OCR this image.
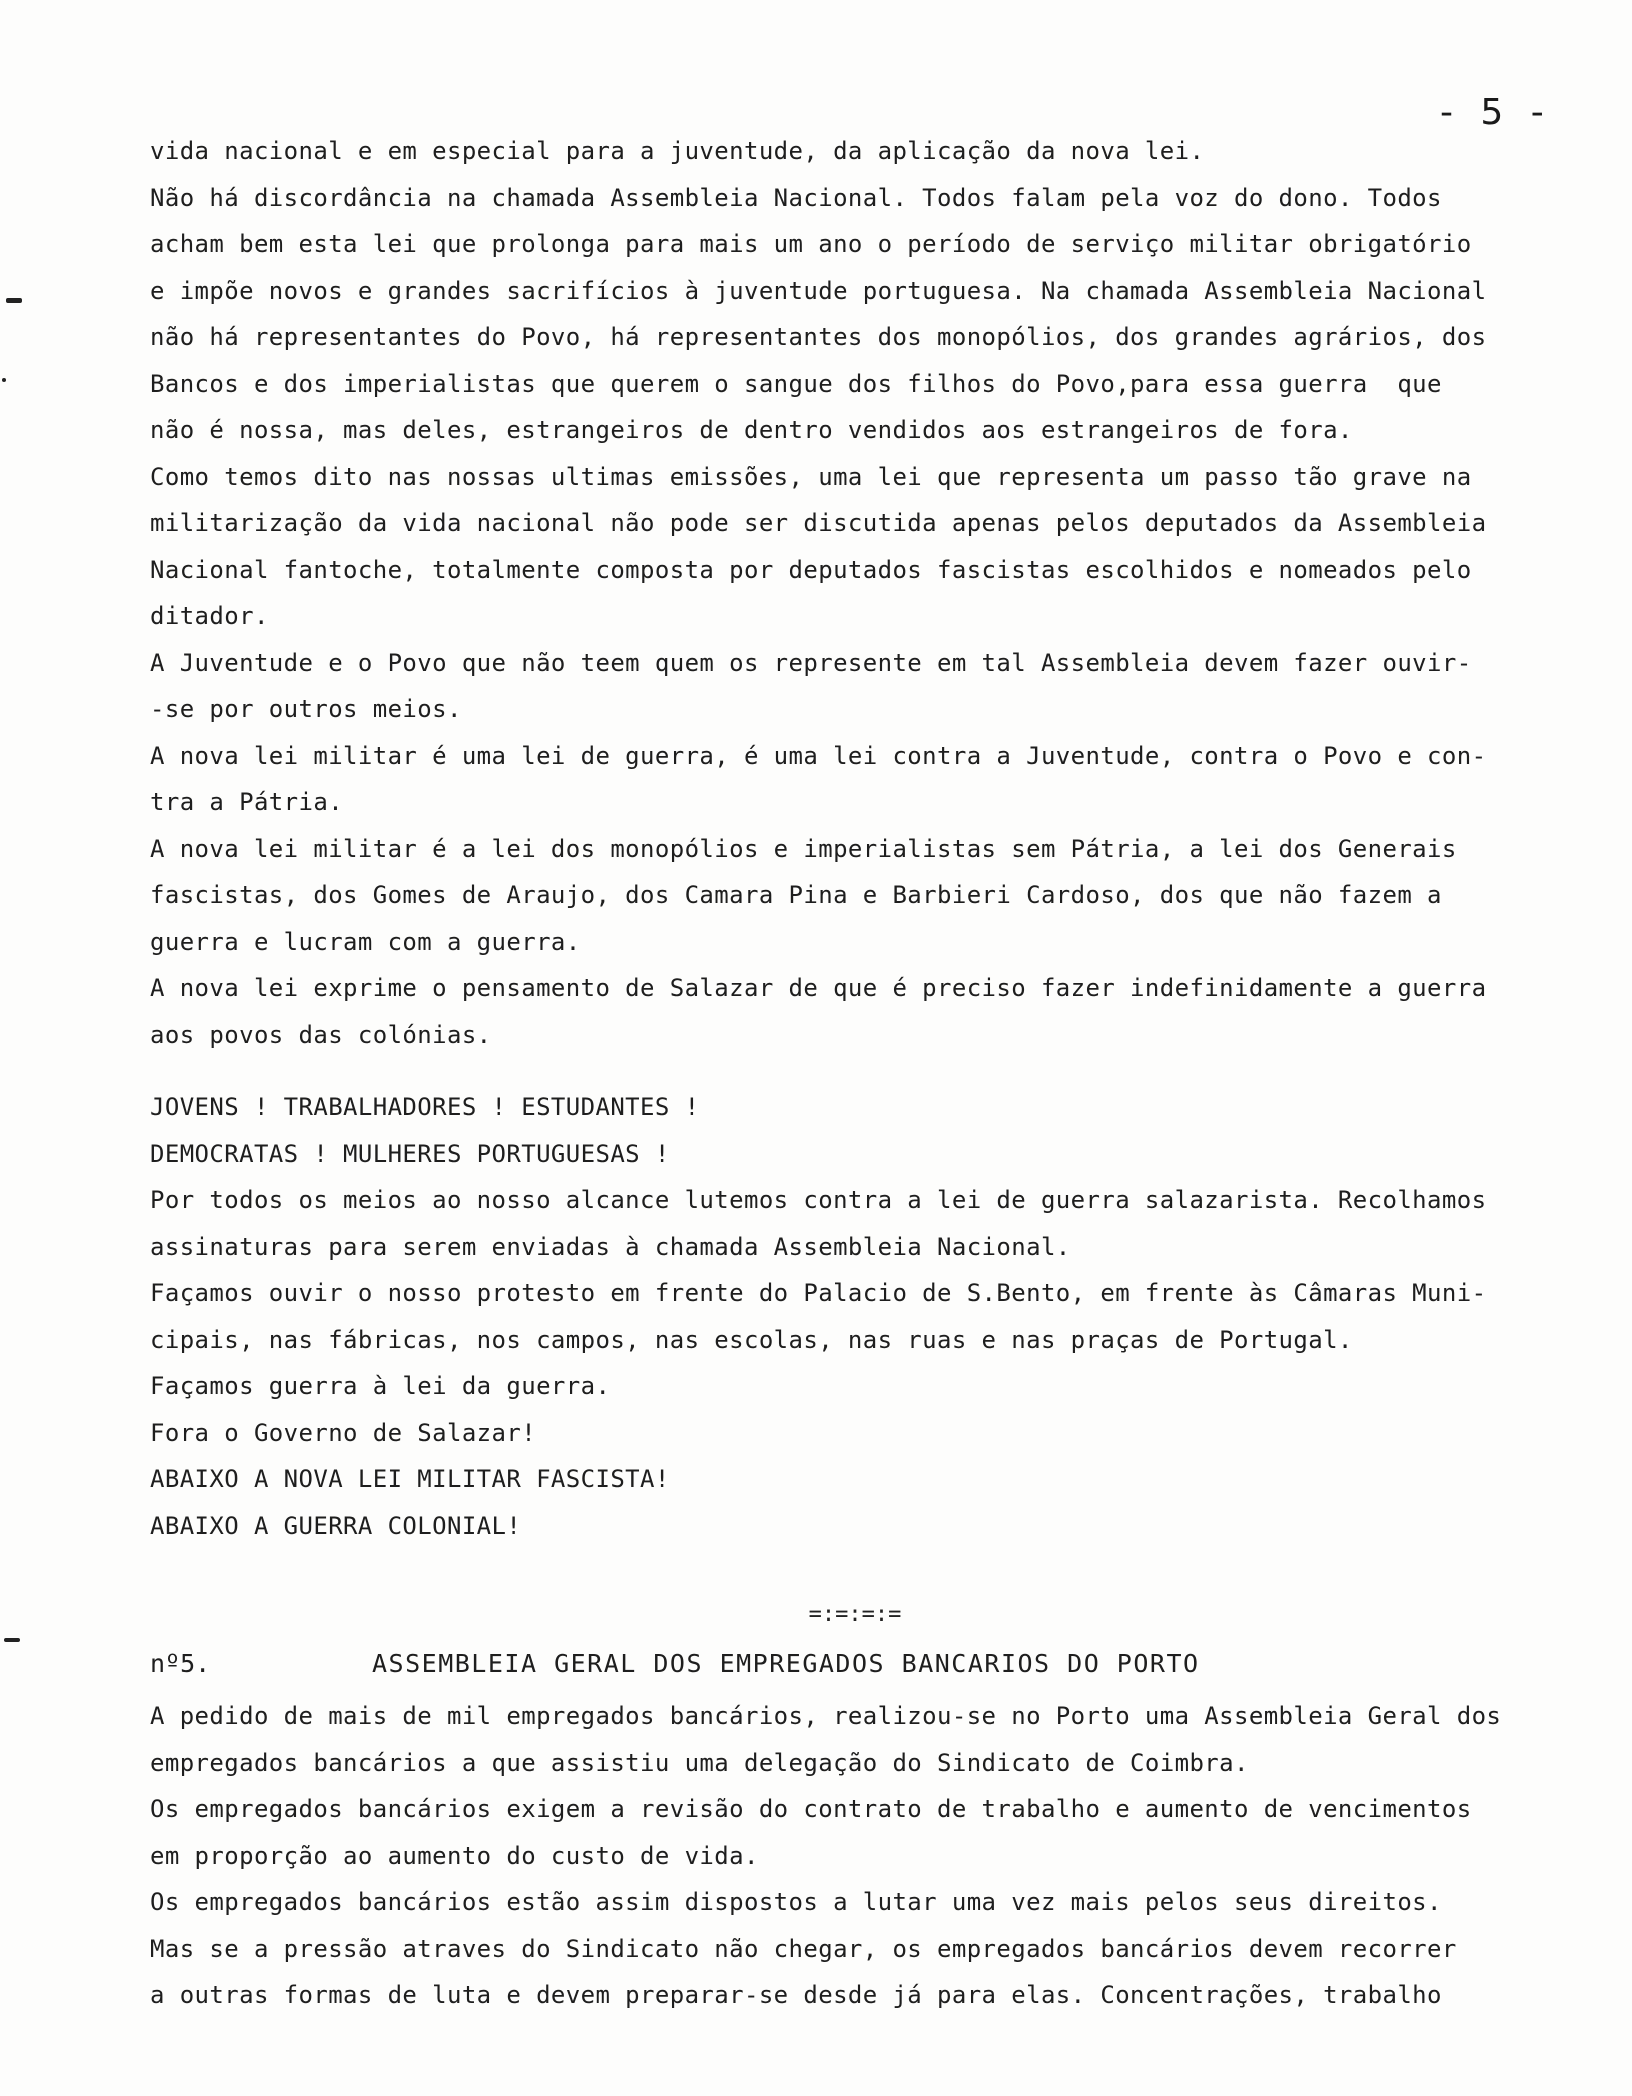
- 5 -
vida nacional e em especial para a juventude, da aplicação da nova lei.
Não há discordância na chamada Assembleia Nacional. Todos falam pela voz do dono. Todos
acham bem esta lei que prolonga para mais um ano o período de serviço militar obrigatório
e impõe novos e grandes sacrifícios à juventude portuguesa. Na chamada Assembleia Nacional
não há representantes do Povo, há representantes dos monopólios, dos grandes agrários, dos
Bancos e dos imperialistas que querem o sangue dos filhos do Povo,para essa guerra  que
não é nossa, mas deles, estrangeiros de dentro vendidos aos estrangeiros de fora.
Como temos dito nas nossas ultimas emissões, uma lei que representa um passo tão grave na
militarização da vida nacional não pode ser discutida apenas pelos deputados da Assembleia
Nacional fantoche, totalmente composta por deputados fascistas escolhidos e nomeados pelo
ditador.
A Juventude e o Povo que não teem quem os represente em tal Assembleia devem fazer ouvir-
-se por outros meios.
A nova lei militar é uma lei de guerra, é uma lei contra a Juventude, contra o Povo e con-
tra a Pátria.
A nova lei militar é a lei dos monopólios e imperialistas sem Pátria, a lei dos Generais
fascistas, dos Gomes de Araujo, dos Camara Pina e Barbieri Cardoso, dos que não fazem a
guerra e lucram com a guerra.
A nova lei exprime o pensamento de Salazar de que é preciso fazer indefinidamente a guerra
aos povos das colónias.
JOVENS ! TRABALHADORES ! ESTUDANTES !
DEMOCRATAS ! MULHERES PORTUGUESAS !
Por todos os meios ao nosso alcance lutemos contra a lei de guerra salazarista. Recolhamos
assinaturas para serem enviadas à chamada Assembleia Nacional.
Façamos ouvir o nosso protesto em frente do Palacio de S.Bento, em frente às Câmaras Muni-
cipais, nas fábricas, nos campos, nas escolas, nas ruas e nas praças de Portugal.
Façamos guerra à lei da guerra.
Fora o Governo de Salazar!
ABAIXO A NOVA LEI MILITAR FASCISTA!
ABAIXO A GUERRA COLONIAL!
=:=:=:=
nº5.	ASSEMBLEIA GERAL DOS EMPREGADOS BANCARIOS DO PORTO
A pedido de mais de mil empregados bancários, realizou-se no Porto uma Assembleia Geral dos
empregados bancários a que assistiu uma delegação do Sindicato de Coimbra.
Os empregados bancários exigem a revisão do contrato de trabalho e aumento de vencimentos
em proporção ao aumento do custo de vida.
Os empregados bancários estão assim dispostos a lutar uma vez mais pelos seus direitos.
Mas se a pressão atraves do Sindicato não chegar, os empregados bancários devem recorrer
a outras formas de luta e devem preparar-se desde já para elas. Concentrações, trabalho
